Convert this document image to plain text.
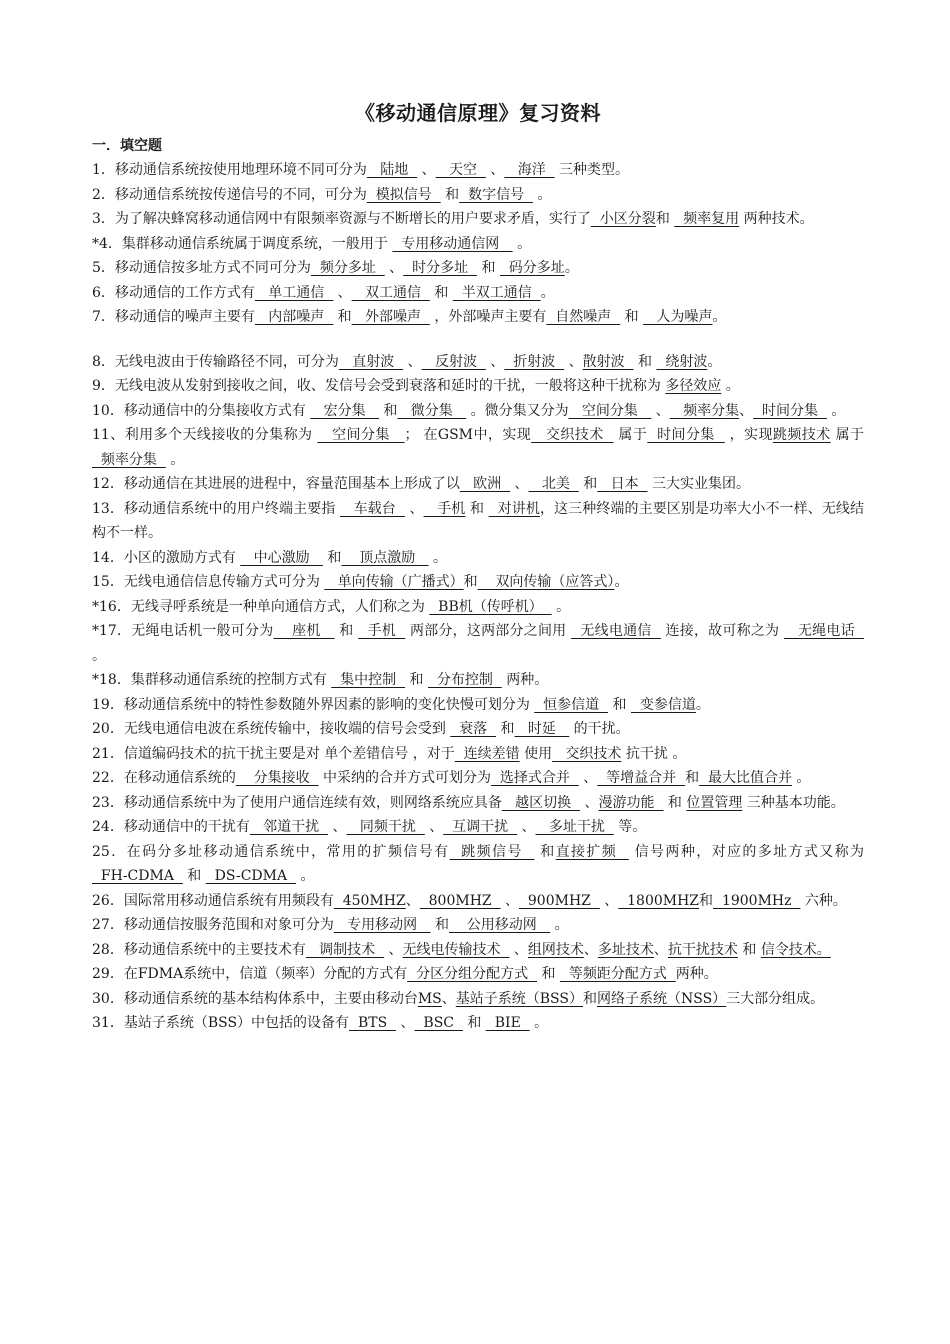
《移动通信原理》复习资料
一．填空题

1．移动通信系统按使用地理环境不同可分为   陆地   、   天空   、   海洋   三种类型。

2．移动通信系统按传递信号的不同，可分为  模拟信号   和  数字信号   。

3．为了解决蜂窝移动通信网中有限频率资源与不断增长的用户要求矛盾，实行了  小区分裂和   频率复用 两种技术。

*4．集群移动通信系统属于调度系统，一般用于   专用移动通信网    。

5．移动通信按多址方式不同可分为  频分多址   、  时分多址   和   码分多址。

6．移动通信的工作方式有   单工通信   、   双工通信   和   半双工通信  。

7．移动通信的噪声主要有   内部噪声   和   外部噪声   ，外部噪声主要有  自然噪声   和    人为噪声。

8．无线电波由于传输路径不同，可分为   直射波   、   反射波   、  折射波   、散射波   和   绕射波。

9．无线电波从发射到接收之间，收、发信号会受到衰落和延时的干扰，一般将这种干扰称为 多径效应 。

10．移动通信中的分集接收方式有    宏分集    和   微分集    。微分集又分为   空间分集    、   频率分集、  时间分集   。

11、利用多个天线接收的分集称为    空间分集   ； 在GSM中，实现   交织技术   属于  时间分集   ，实现跳频技术 属于  频率分集   。

12．移动通信在其进展的进程中，容量范围基本上形成了以   欧洲   、   北美   和   日本   三大实业集团。

13．移动通信系统中的用户终端主要指    车载台   、   手机 和   对讲机，这三种终端的主要区别是功率大小不一样、无线结构不一样。

14．小区的激励方式有    中心激励    和    顶点激励    。

15．无线电通信信息传输方式可分为    单向传输（广播式）和    双向传输（应答式）。

*16．无线寻呼系统是一种单向通信方式，人们称之为   BB机（传呼机）   。

*17．无绳电话机一般可分为    座机    和   手机   两部分，这两部分之间用   无线电通信   连接，故可称之为    无绳电话   。

*18．集群移动通信系统的控制方式有   集中控制   和   分布控制   两种。

19．移动通信系统中的特性参数随外界因素的影响的变化快慢可划分为   恒参信道   和   变参信道。

20．无线电通信电波在系统传输中，接收端的信号会受到   衰落   和   时延    的干扰。

21．信道编码技术的抗干扰主要是对 单个差错信号 ，对于  连续差错 使用   交织技术 抗干扰 。

22．在移动通信系统的    分集接收   中采纳的合并方式可划分为  选择式合并   、  等增益合并  和  最大比值合并 。

23．移动通信系统中为了使用户通信连续有效，则网络系统应具备   越区切换   、漫游功能   和 位置管理 三种基本功能。

24．移动通信中的干扰有   邻道干扰   、   同频干扰   、  互调干扰   、   多址干扰   等。

25．在码分多址移动通信系统中，常用的扩频信号有  跳频信号   和直接扩频   信号两种，对应的多址方式又称为   FH-CDMA   和   DS-CDMA   。

26．国际常用移动通信系统有用频段有  450MHZ、  800MHZ   、  900MHZ   、  1800MHZ和  1900MHz   六种。

27．移动通信按服务范围和对象可分为   专用移动网    和    公用移动网    。

28．移动通信系统中的主要技术有   调制技术   、无线电传输技术   、组网技术、多址技术、抗干扰技术 和 信令技术。

29．在FDMA系统中，信道（频率）分配的方式有  分区分组分配方式   和   等频距分配方式  两种。

30．移动通信系统的基本结构体系中，主要由移动台MS、基站子系统（BSS）和网络子系统（NSS）三大部分组成。

31．基站子系统（BSS）中包括的设备有  BTS   、  BSC   和   BIE   。
